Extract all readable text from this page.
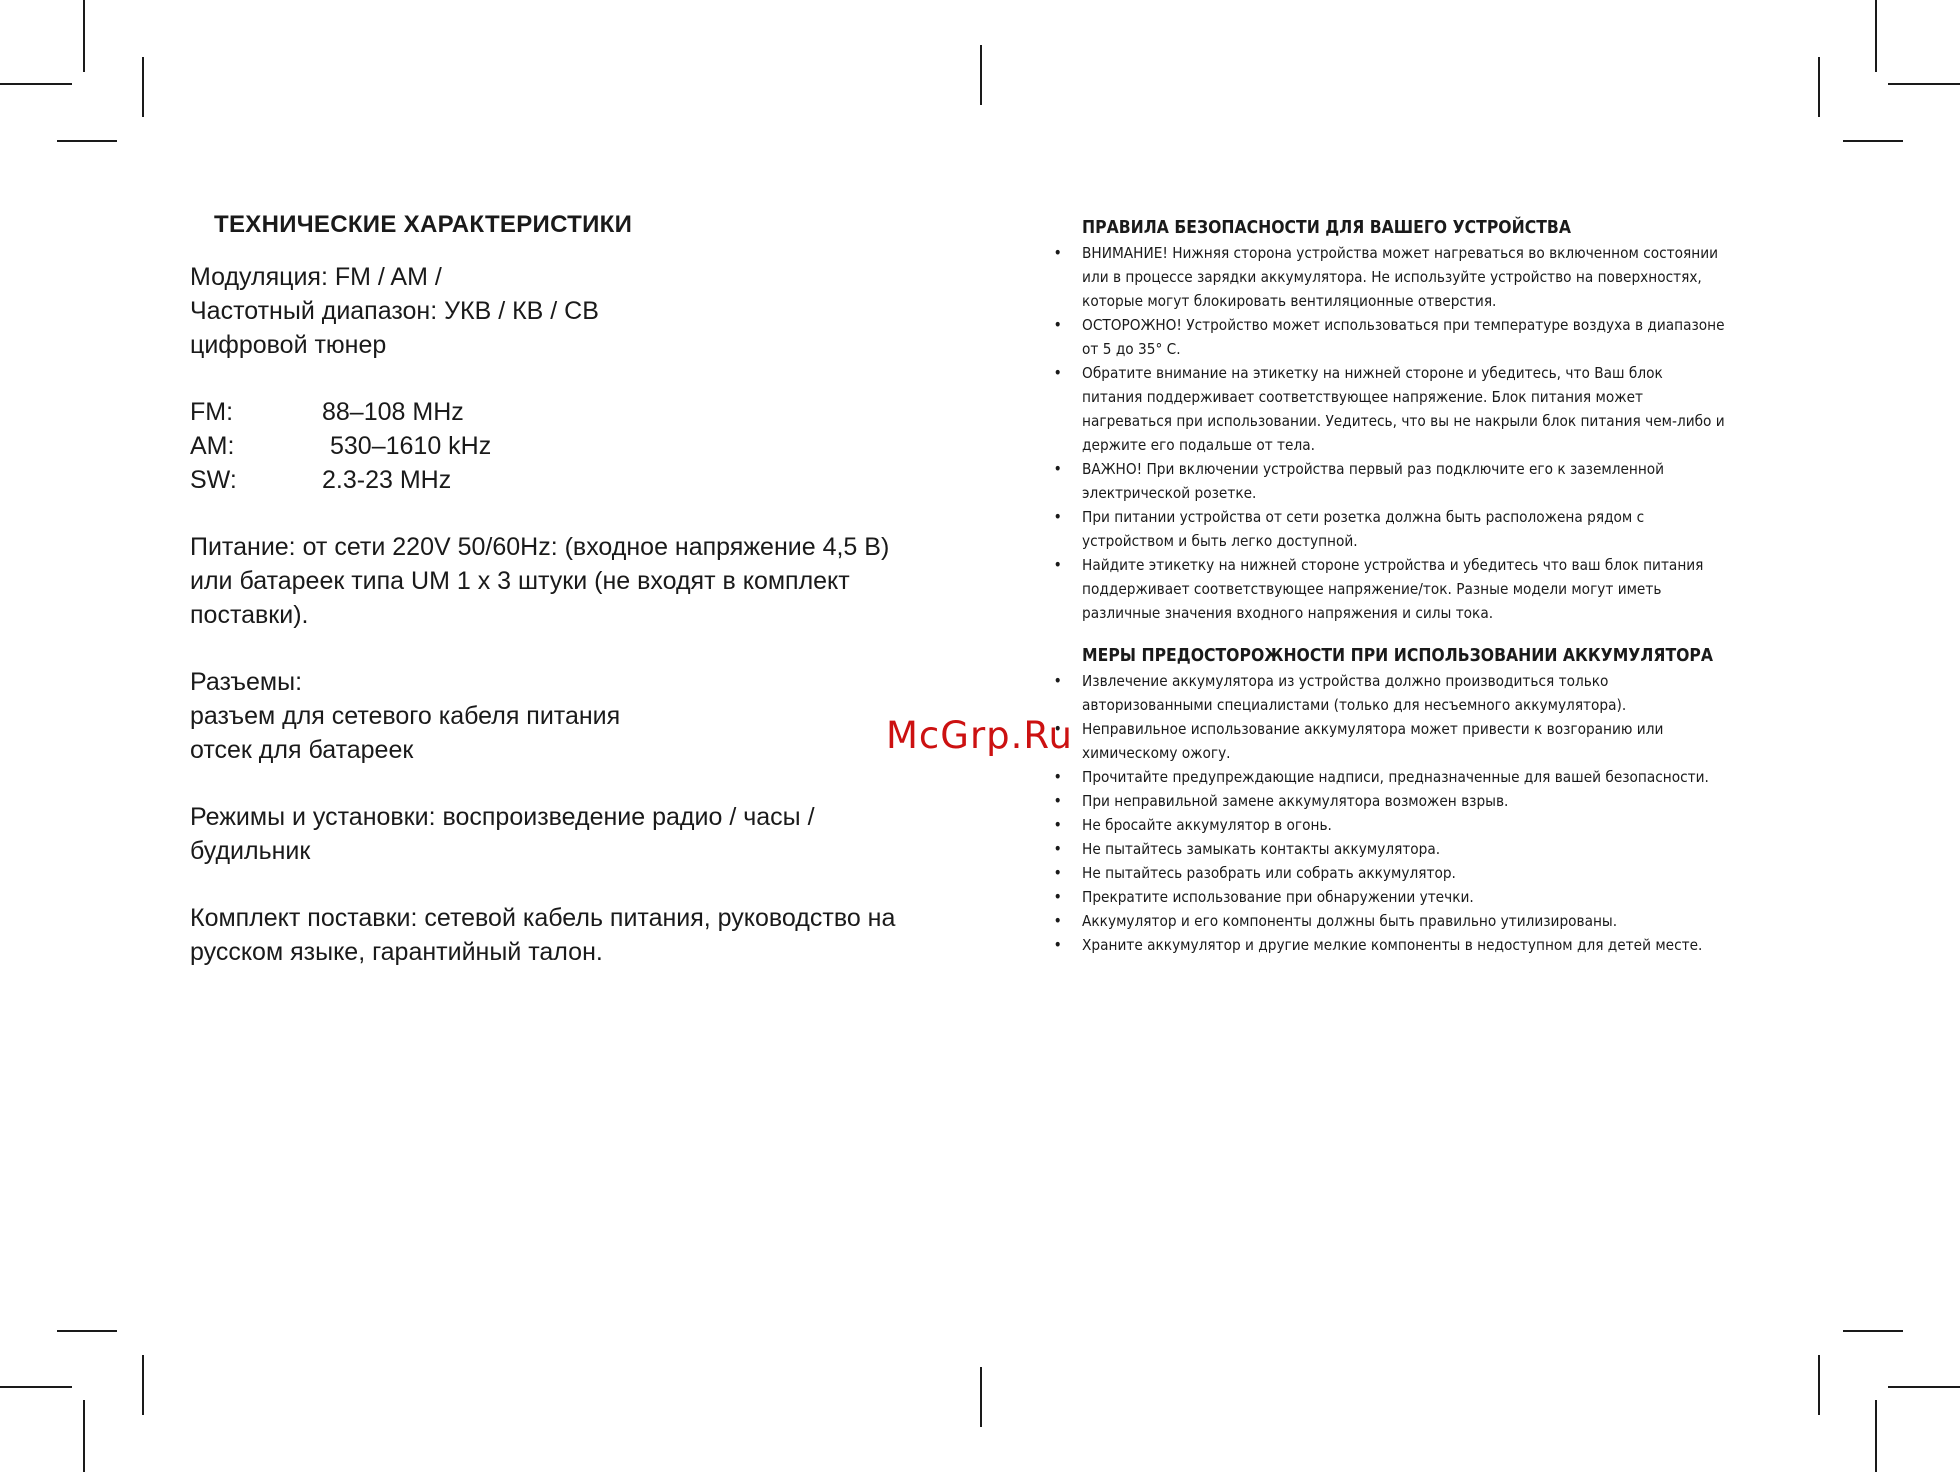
ТЕХНИЧЕСКИЕ ХАРАКТЕРИСТИКИ

Модуляция: FM / AM /

Частотный диапазон: УКВ / КВ / СВ

цифровой тюнер

FM:	88–108 MHz
AM:	530–1610 kHz
SW:	2.3-23 MHz

Питание: от сети 220V 50/60Hz: (входное напряжение 4,5 В)

или батареек типа UM 1 x 3 штуки (не входят в комплект

поставки).

Разъемы:

разъем для сетевого кабеля питания

отсек для батареек

Режимы и установки: воспроизведение радио / часы /

будильник

Комплект поставки: сетевой кабель питания, руководство на

русском языке, гарантийный талон.

ПРАВИЛА БЕЗОПАСНОСТИ ДЛЯ ВАШЕГО УСТРОЙСТВА
• ВНИМАНИЕ! Нижняя сторона устройства может нагреваться во включенном состоянии или в процессе зарядки аккумулятора. Не используйте устройство на поверхностях, которые могут блокировать вентиляционные отверстия.
• ОСТОРОЖНО! Устройство может использоваться при температуре воздуха в диапазоне от 5 до 35° С.
• Обратите внимание на этикетку на нижней стороне и убедитесь, что Ваш блок питания поддерживает соответствующее напряжение. Блок питания может нагреваться при использовании. Уедитесь, что вы не накрыли блок питания чем-либо и держите его подальше от тела.
• ВАЖНО! При включении устройства первый раз подключите его к заземленной электрической розетке.
• При питании устройства от сети розетка должна быть расположена рядом с устройством и быть легко доступной.
• Найдите этикетку на нижней стороне устройства и убедитесь что ваш блок питания поддерживает соответствующее напряжение/ток. Разные модели могут иметь различные значения входного напряжения и силы тока.
МЕРЫ ПРЕДОСТОРОЖНОСТИ ПРИ ИСПОЛЬЗОВАНИИ АККУМУЛЯТОРА
• Извлечение аккумулятора из устройства должно производиться только авторизованными специалистами (только для несъемного аккумулятора).
• Неправильное использование аккумулятора может привести к возгоранию или химическому ожогу.
• Прочитайте предупреждающие надписи, предназначенные для вашей безопасности.
• При неправильной замене аккумулятора возможен взрыв.
• Не бросайте аккумулятор в огонь.
• Не пытайтесь замыкать контакты аккумулятора.
• Не пытайтесь разобрать или собрать аккумулятор.
• Прекратите использование при обнаружении утечки.
• Аккумулятор и его компоненты должны быть правильно утилизированы.
• Храните аккумулятор и другие мелкие компоненты в недоступном для детей месте.
McGrp.Ru
